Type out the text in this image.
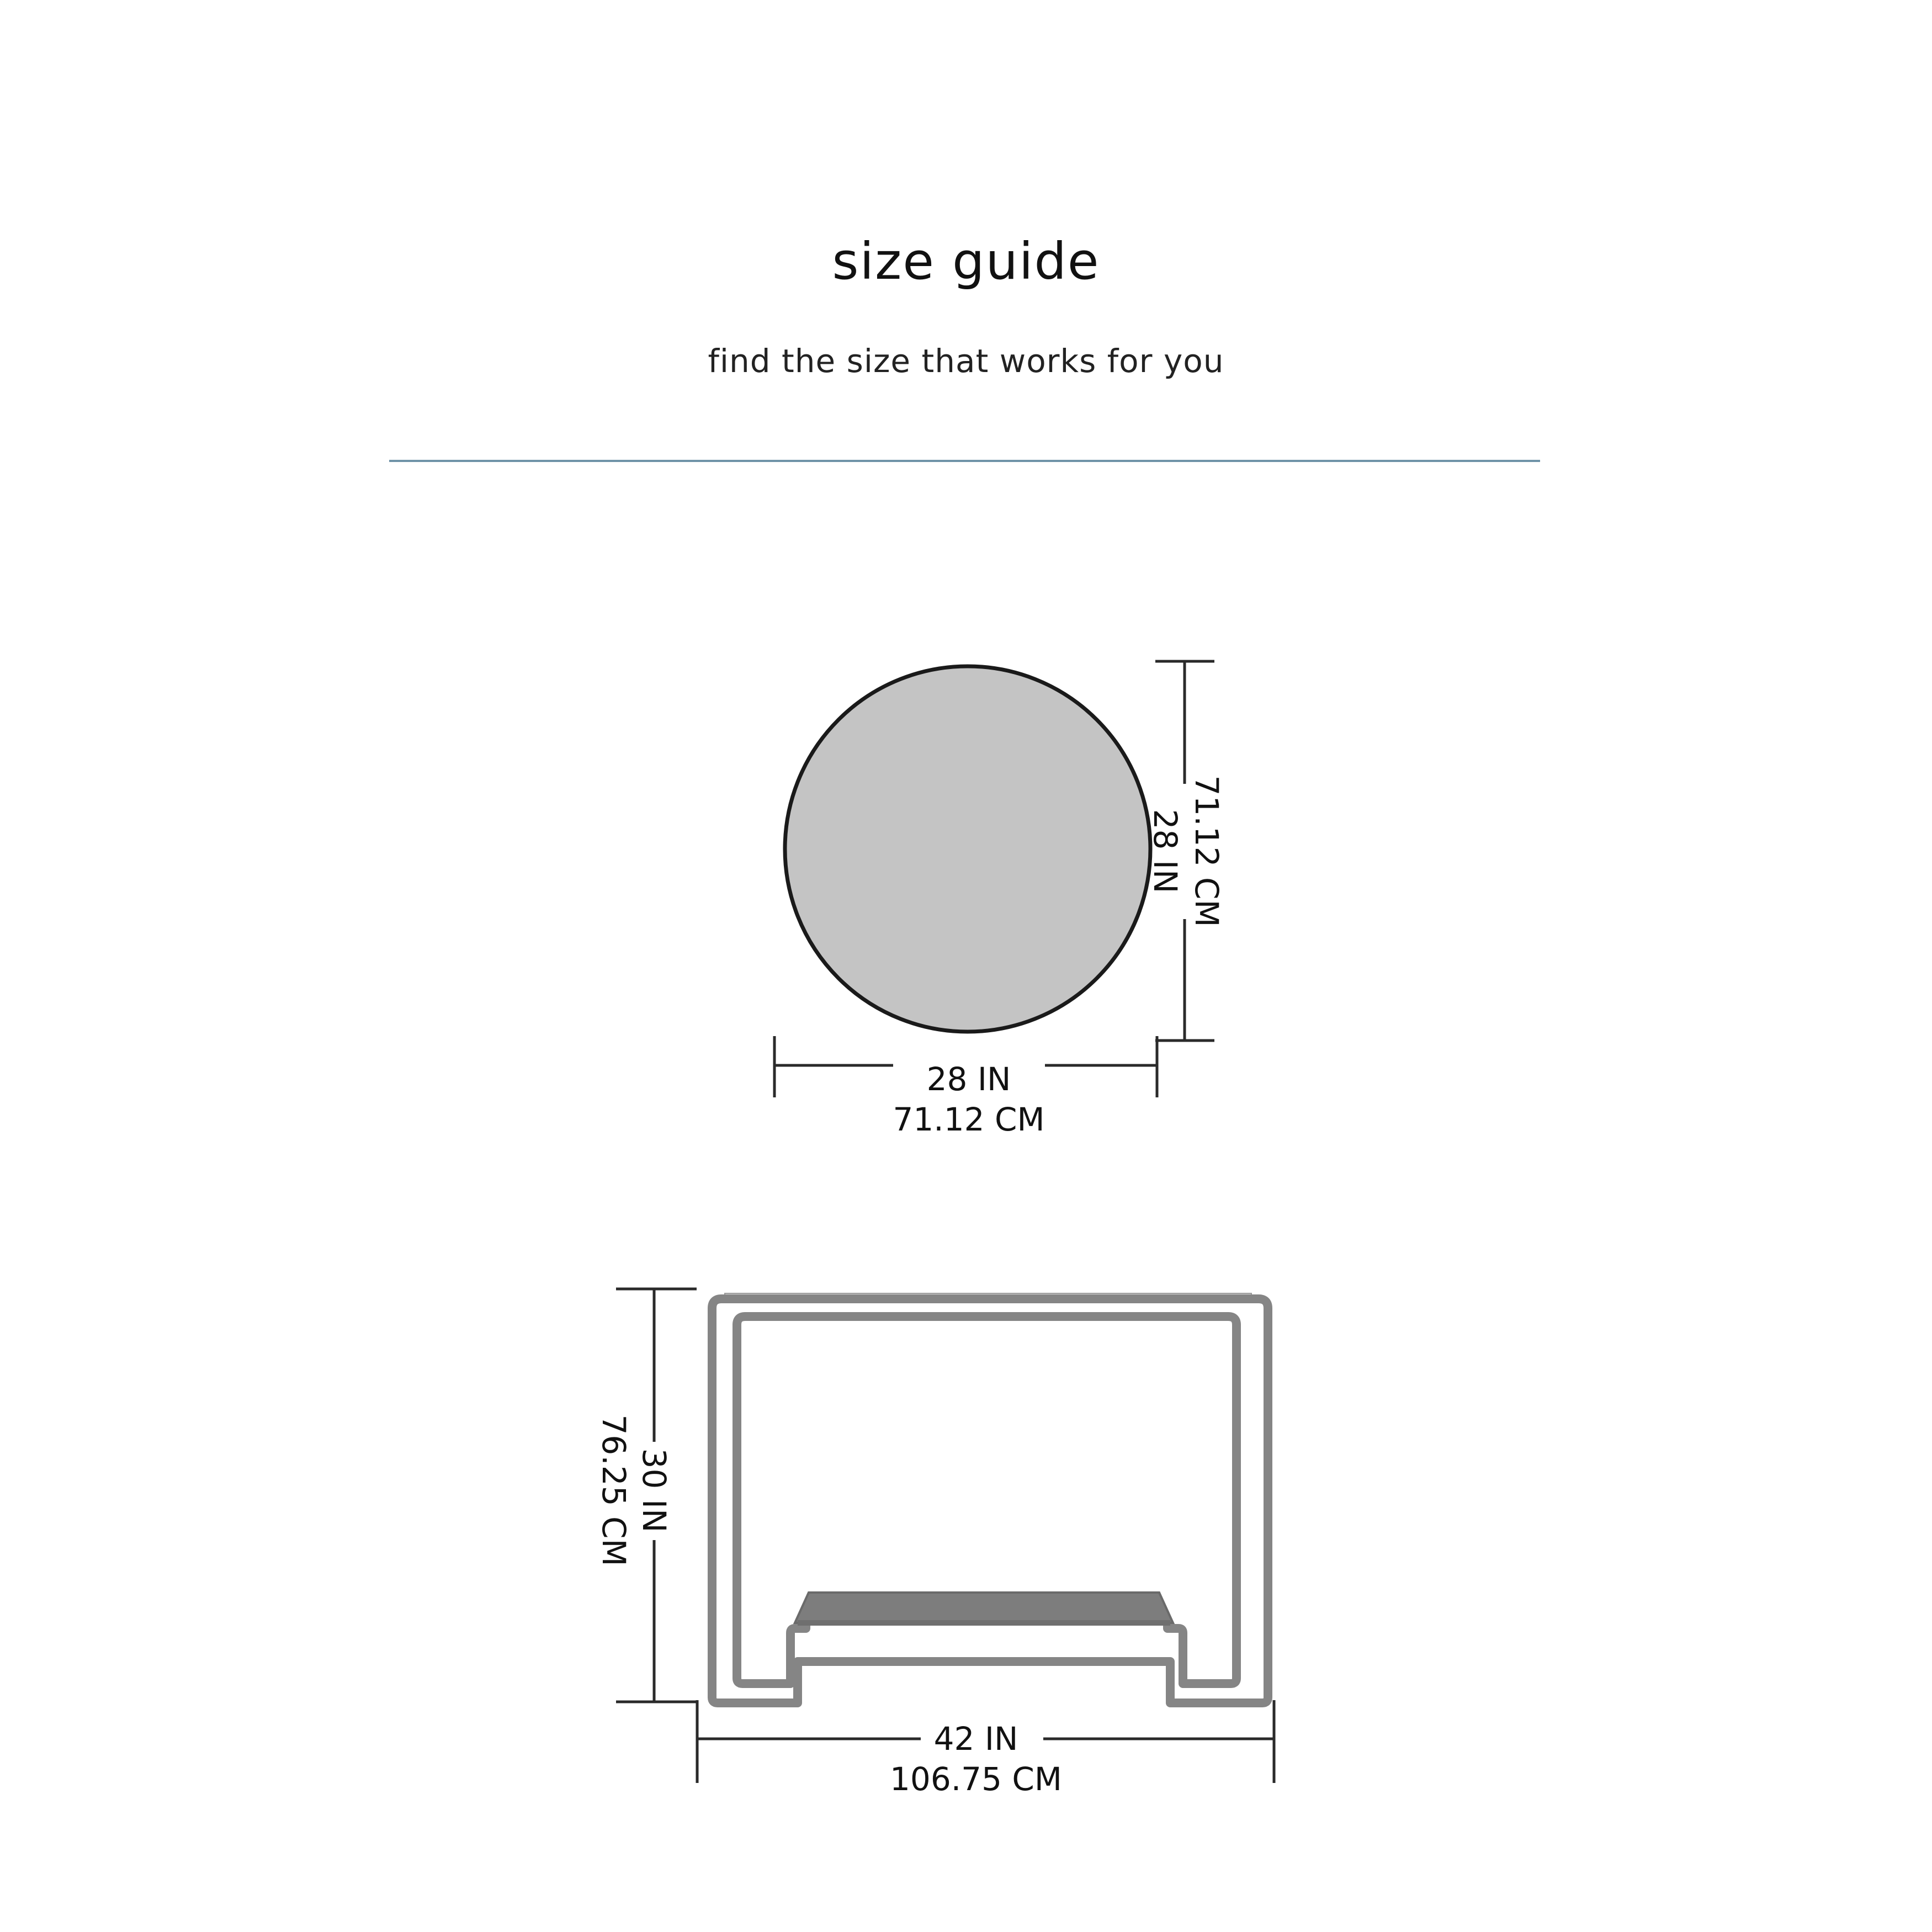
size guide
find the size that works for you
28 IN 71.12 CM
28 IN
71.12 CM
30 IN
76.25 CM
42 IN
106.75 CM
